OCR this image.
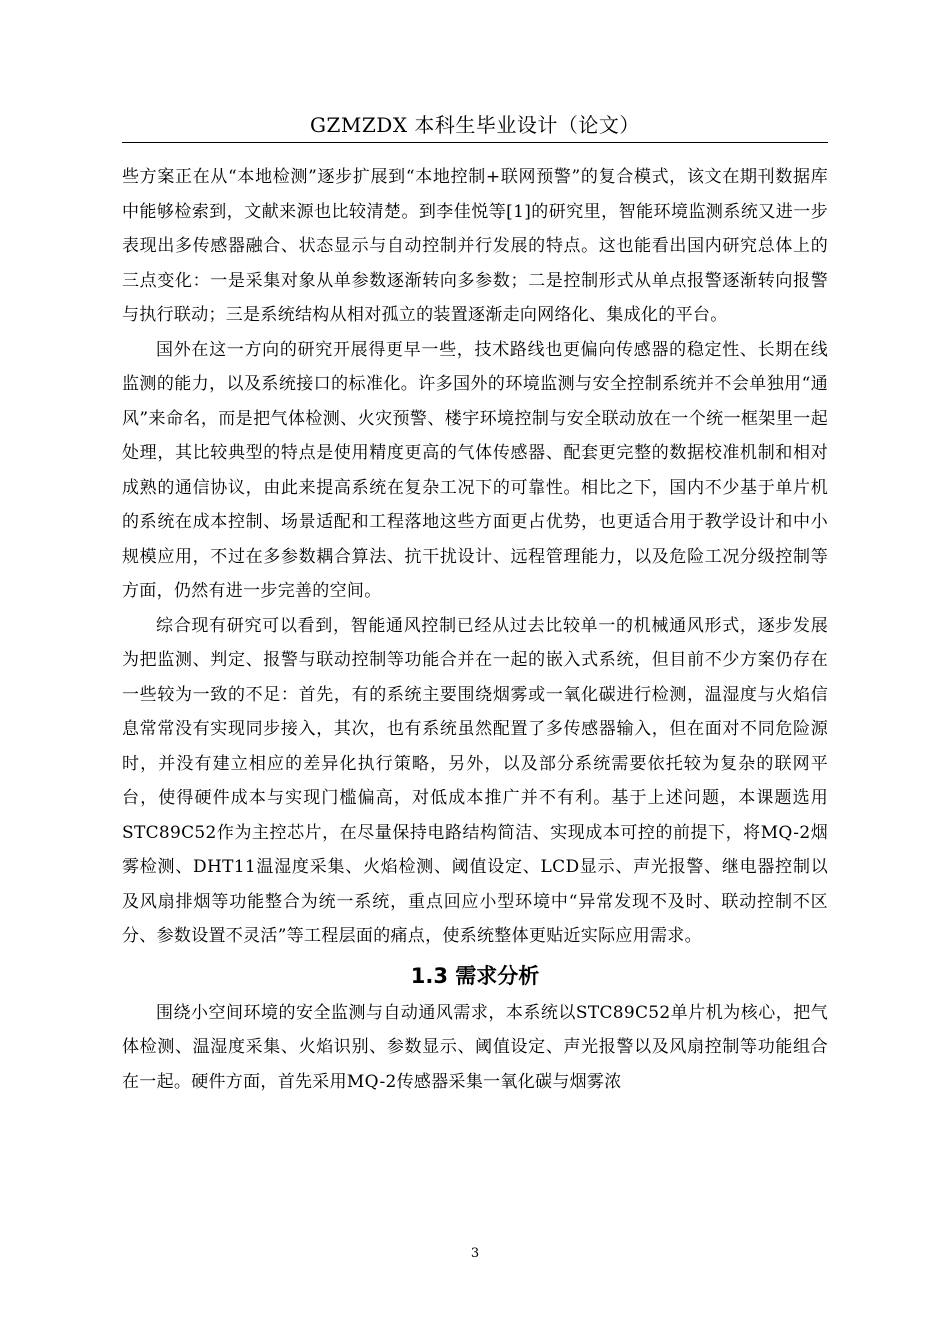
GZMZDX 本科生毕业设计（论文）

些方案正在从“本地检测”逐步扩展到“本地控制+联网预警”的复合模式，该文在期刊数据库中能够检索到，文献来源也比较清楚。到李佳悦等[1]的研究里，智能环境监测系统又进一步表现出多传感器融合、状态显示与自动控制并行发展的特点。这也能看出国内研究总体上的三点变化：一是采集对象从单参数逐渐转向多参数；二是控制形式从单点报警逐渐转向报警与执行联动；三是系统结构从相对孤立的装置逐渐走向网络化、集成化的平台。

国外在这一方向的研究开展得更早一些，技术路线也更偏向传感器的稳定性、长期在线监测的能力，以及系统接口的标准化。许多国外的环境监测与安全控制系统并不会单独用“通风”来命名，而是把气体检测、火灾预警、楼宇环境控制与安全联动放在一个统一框架里一起处理，其比较典型的特点是使用精度更高的气体传感器、配套更完整的数据校准机制和相对成熟的通信协议，由此来提高系统在复杂工况下的可靠性。相比之下，国内不少基于单片机的系统在成本控制、场景适配和工程落地这些方面更占优势，也更适合用于教学设计和中小规模应用，不过在多参数耦合算法、抗干扰设计、远程管理能力，以及危险工况分级控制等方面，仍然有进一步完善的空间。

综合现有研究可以看到，智能通风控制已经从过去比较单一的机械通风形式，逐步发展为把监测、判定、报警与联动控制等功能合并在一起的嵌入式系统，但目前不少方案仍存在一些较为一致的不足：首先，有的系统主要围绕烟雾或一氧化碳进行检测，温湿度与火焰信息常常没有实现同步接入，其次，也有系统虽然配置了多传感器输入，但在面对不同危险源时，并没有建立相应的差异化执行策略，另外，以及部分系统需要依托较为复杂的联网平台，使得硬件成本与实现门槛偏高，对低成本推广并不有利。基于上述问题，本课题选用STC89C52作为主控芯片，在尽量保持电路结构简洁、实现成本可控的前提下，将MQ-2烟雾检测、DHT11温湿度采集、火焰检测、阈值设定、LCD显示、声光报警、继电器控制以及风扇排烟等功能整合为统一系统，重点回应小型环境中“异常发现不及时、联动控制不区分、参数设置不灵活”等工程层面的痛点，使系统整体更贴近实际应用需求。

1.3 需求分析

围绕小空间环境的安全监测与自动通风需求，本系统以STC89C52单片机为核心，把气体检测、温湿度采集、火焰识别、参数显示、阈值设定、声光报警以及风扇控制等功能组合在一起。硬件方面，首先采用MQ-2传感器采集一氧化碳与烟雾浓

3
